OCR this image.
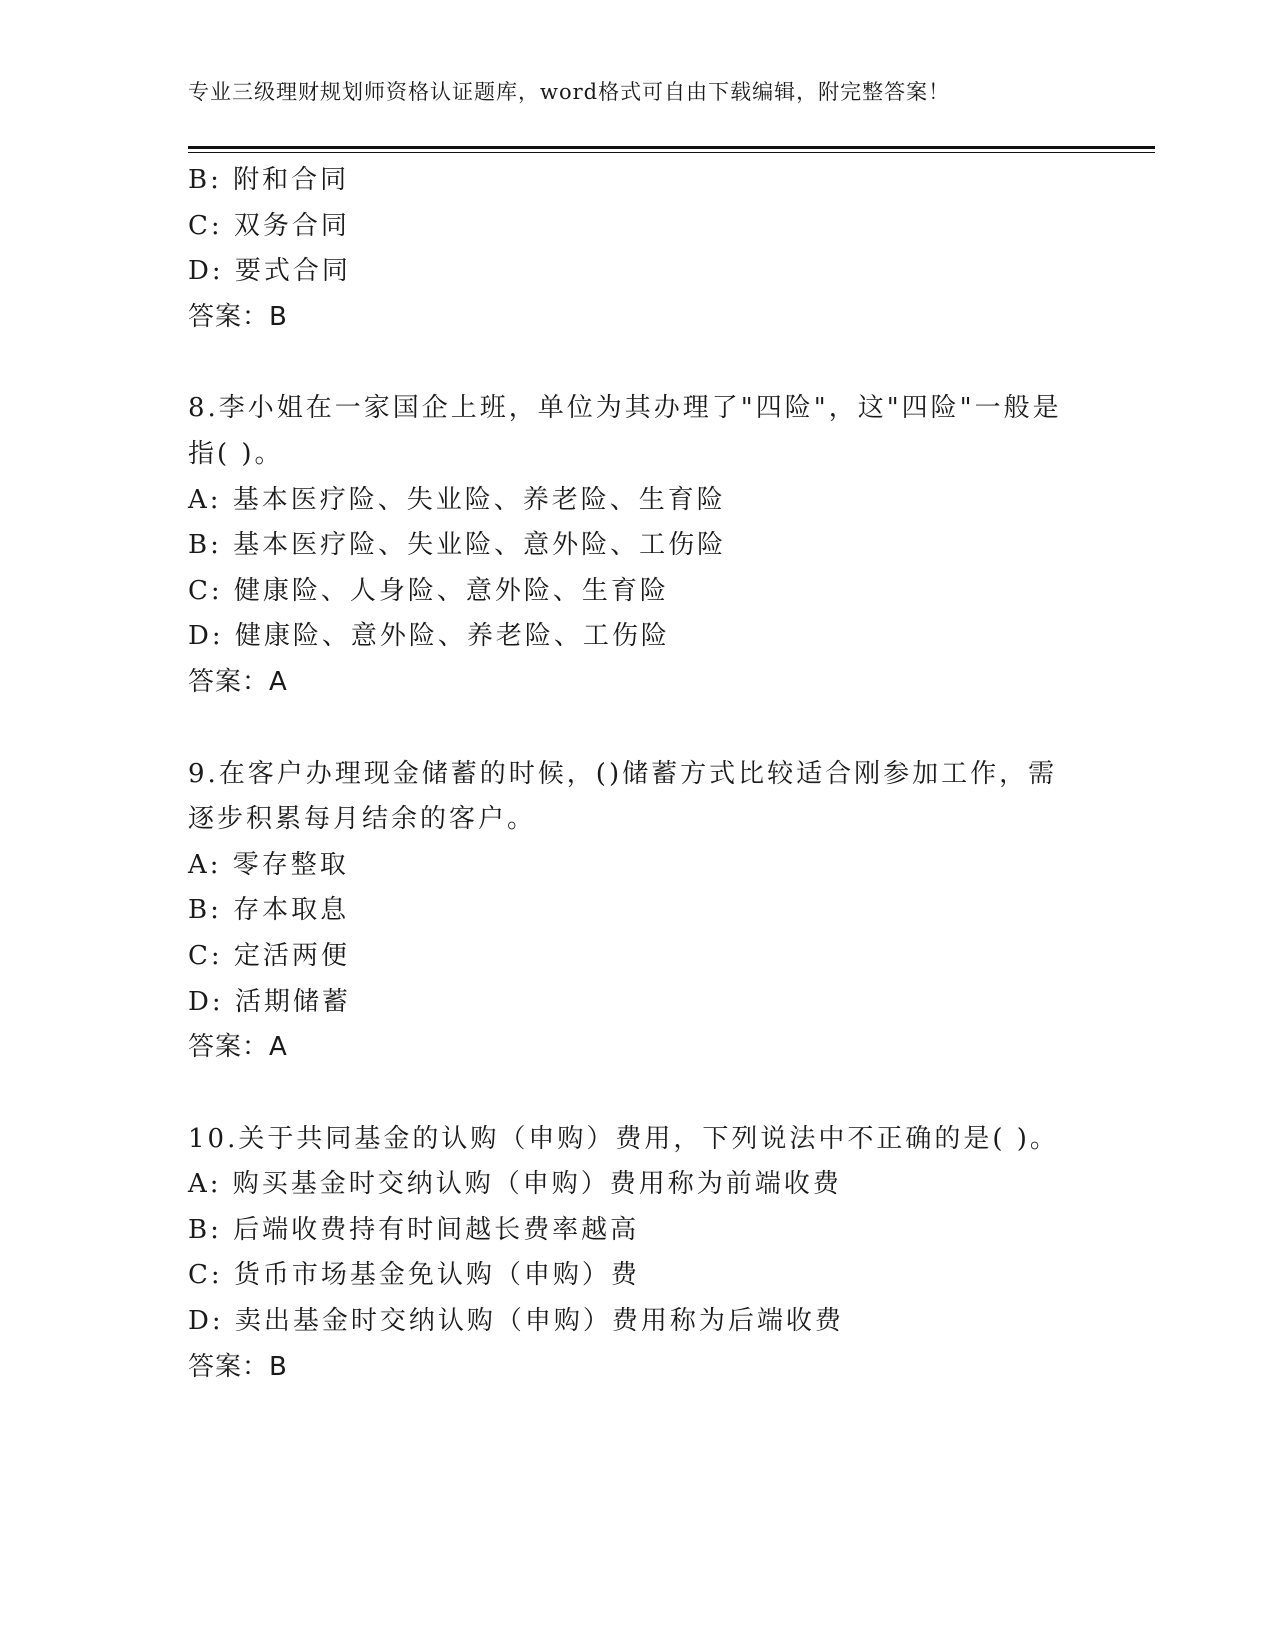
专业三级理财规划师资格认证题库，word格式可自由下载编辑，附完整答案！
B: 附和合同
C: 双务合同
D: 要式合同
答案：B
8.李小姐在一家国企上班，单位为其办理了"四险"，这"四险"一般是
指( )。
A: 基本医疗险、失业险、养老险、生育险
B: 基本医疗险、失业险、意外险、工伤险
C: 健康险、人身险、意外险、生育险
D: 健康险、意外险、养老险、工伤险
答案：A
9.在客户办理现金储蓄的时候，()储蓄方式比较适合刚参加工作，需
逐步积累每月结余的客户。
A: 零存整取
B: 存本取息
C: 定活两便
D: 活期储蓄
答案：A
10.关于共同基金的认购（申购）费用，下列说法中不正确的是( )。
A: 购买基金时交纳认购（申购）费用称为前端收费
B: 后端收费持有时间越长费率越高
C: 货币市场基金免认购（申购）费
D: 卖出基金时交纳认购（申购）费用称为后端收费
答案：B
